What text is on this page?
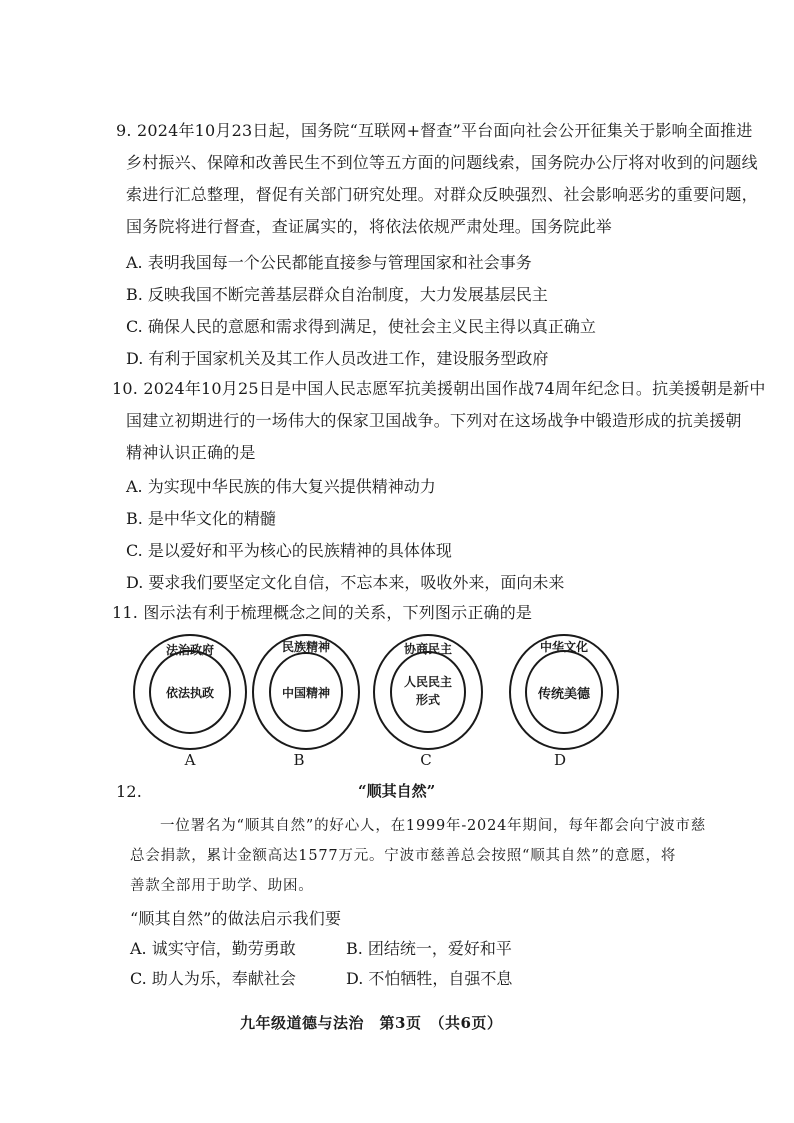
9. 2024年10月23日起，国务院“互联网+督查”平台面向社会公开征集关于影响全面推进
乡村振兴、保障和改善民生不到位等五方面的问题线索，国务院办公厅将对收到的问题线
索进行汇总整理，督促有关部门研究处理。对群众反映强烈、社会影响恶劣的重要问题，
国务院将进行督查，查证属实的，将依法依规严肃处理。国务院此举
A. 表明我国每一个公民都能直接参与管理国家和社会事务
B. 反映我国不断完善基层群众自治制度，大力发展基层民主
C. 确保人民的意愿和需求得到满足，使社会主义民主得以真正确立
D. 有利于国家机关及其工作人员改进工作，建设服务型政府
10. 2024年10月25日是中国人民志愿军抗美援朝出国作战74周年纪念日。抗美援朝是新中
国建立初期进行的一场伟大的保家卫国战争。下列对在这场战争中锻造形成的抗美援朝
精神认识正确的是
A. 为实现中华民族的伟大复兴提供精神动力
B. 是中华文化的精髓
C. 是以爱好和平为核心的民族精神的具体体现
D. 要求我们要坚定文化自信，不忘本来，吸收外来，面向未来
11. 图示法有利于梳理概念之间的关系，下列图示正确的是
法治政府
依法执政
A
民族精神
中国精神
B
协商民主
人民民主
形式
C
中华文化
传统美德
D
12.	“顺其自然”
一位署名为“顺其自然”的好心人，在1999年-2024年期间，每年都会向宁波市慈
总会捐款，累计金额高达1577万元。宁波市慈善总会按照“顺其自然”的意愿，将
善款全部用于助学、助困。
“顺其自然”的做法启示我们要
A. 诚实守信，勤劳勇敢	B. 团结统一，爱好和平
C. 助人为乐，奉献社会	D. 不怕牺牲，自强不息
九年级道德与法治　第3页　（共6页）
